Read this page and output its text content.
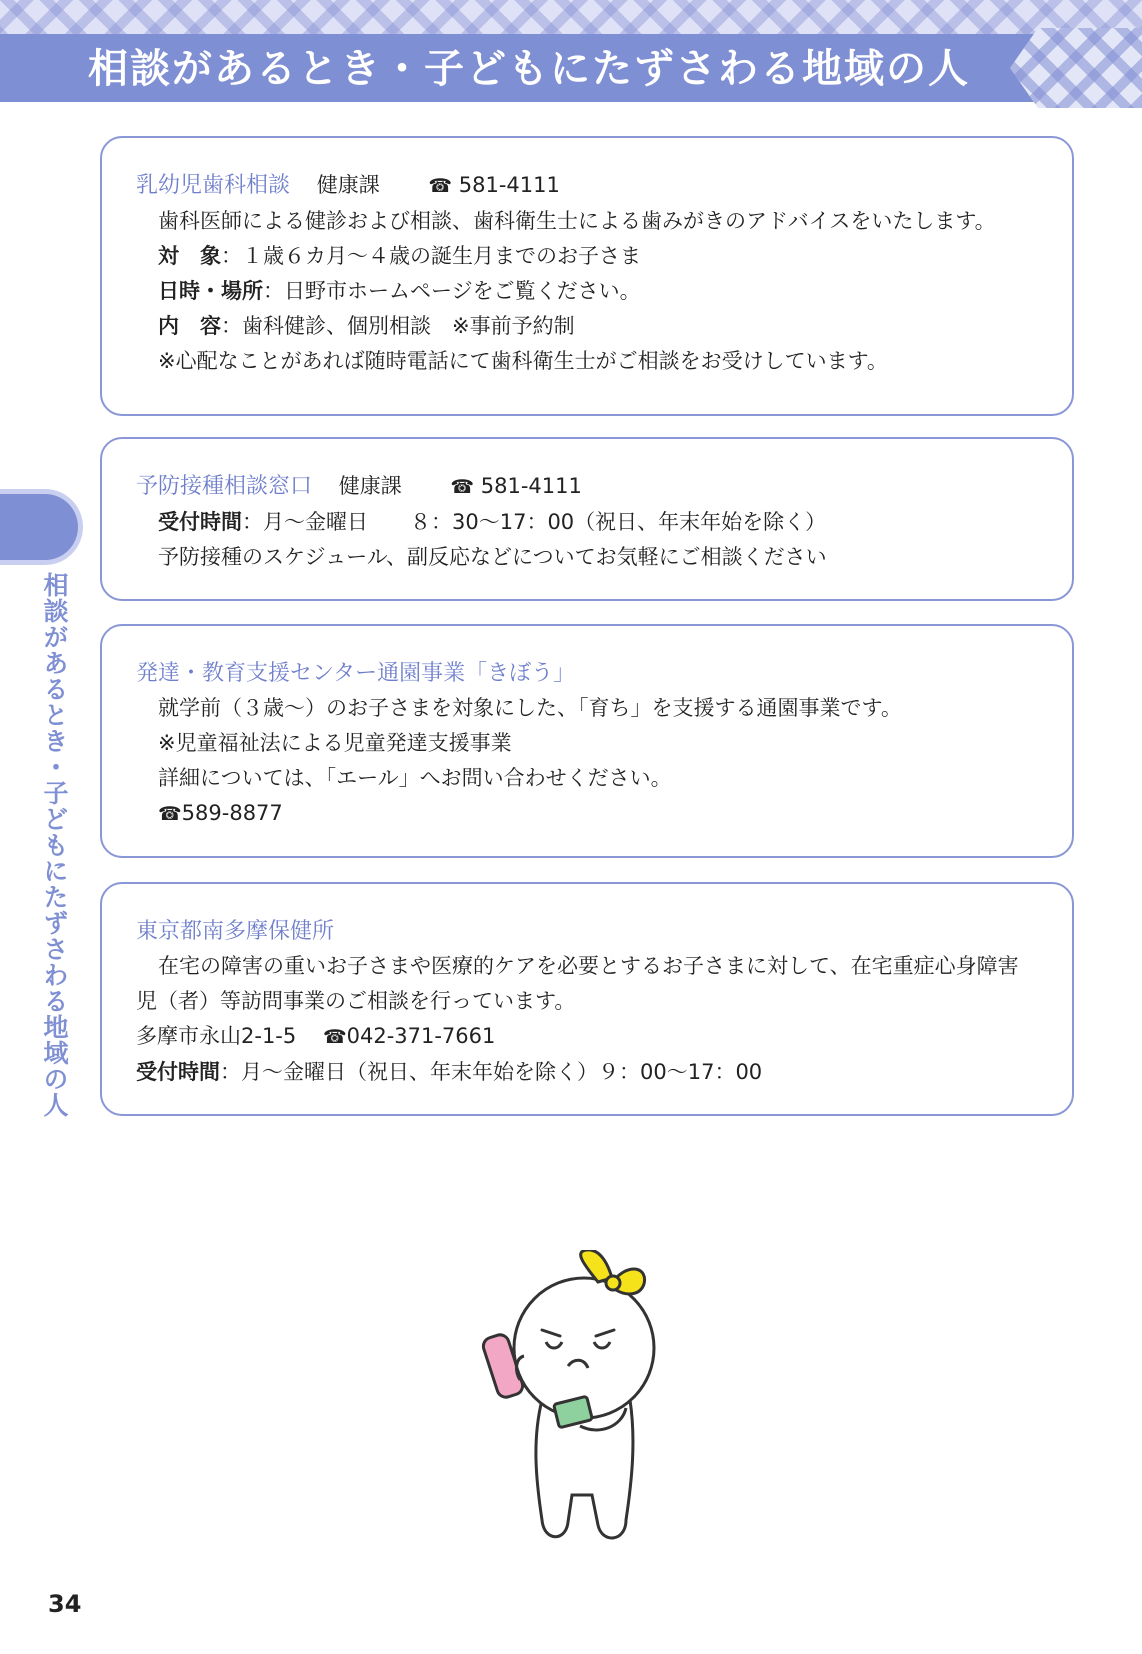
相談があるとき・子どもにたずさわる地域の人
相談があるとき・子どもにたずさわる地域の人
乳幼児歯科相談 健康課	☎ 581-4111
歯科医師による健診および相談、歯科衛生士による歯みがきのアドバイスをいたします。
対　象：１歳６カ月～４歳の誕生月までのお子さま
日時・場所：日野市ホームページをご覧ください。
内　容：歯科健診、個別相談　※事前予約制
※心配なことがあれば随時電話にて歯科衛生士がご相談をお受けしています。
予防接種相談窓口 健康課	☎ 581-4111
受付時間：月～金曜日　　８：30～17：00（祝日、年末年始を除く）
予防接種のスケジュール、副反応などについてお気軽にご相談ください
発達・教育支援センター通園事業「きぼう」
就学前（３歳～）のお子さまを対象にした、「育ち」を支援する通園事業です。
※児童福祉法による児童発達支援事業
詳細については、「エール」へお問い合わせください。
☎589-8877
東京都南多摩保健所
在宅の障害の重いお子さまや医療的ケアを必要とするお子さまに対して、在宅重症心身障害児（者）等訪問事業のご相談を行っています。
多摩市永山2-1-5 ☎042-371-7661
受付時間：月～金曜日（祝日、年末年始を除く）９：00～17：00
34
